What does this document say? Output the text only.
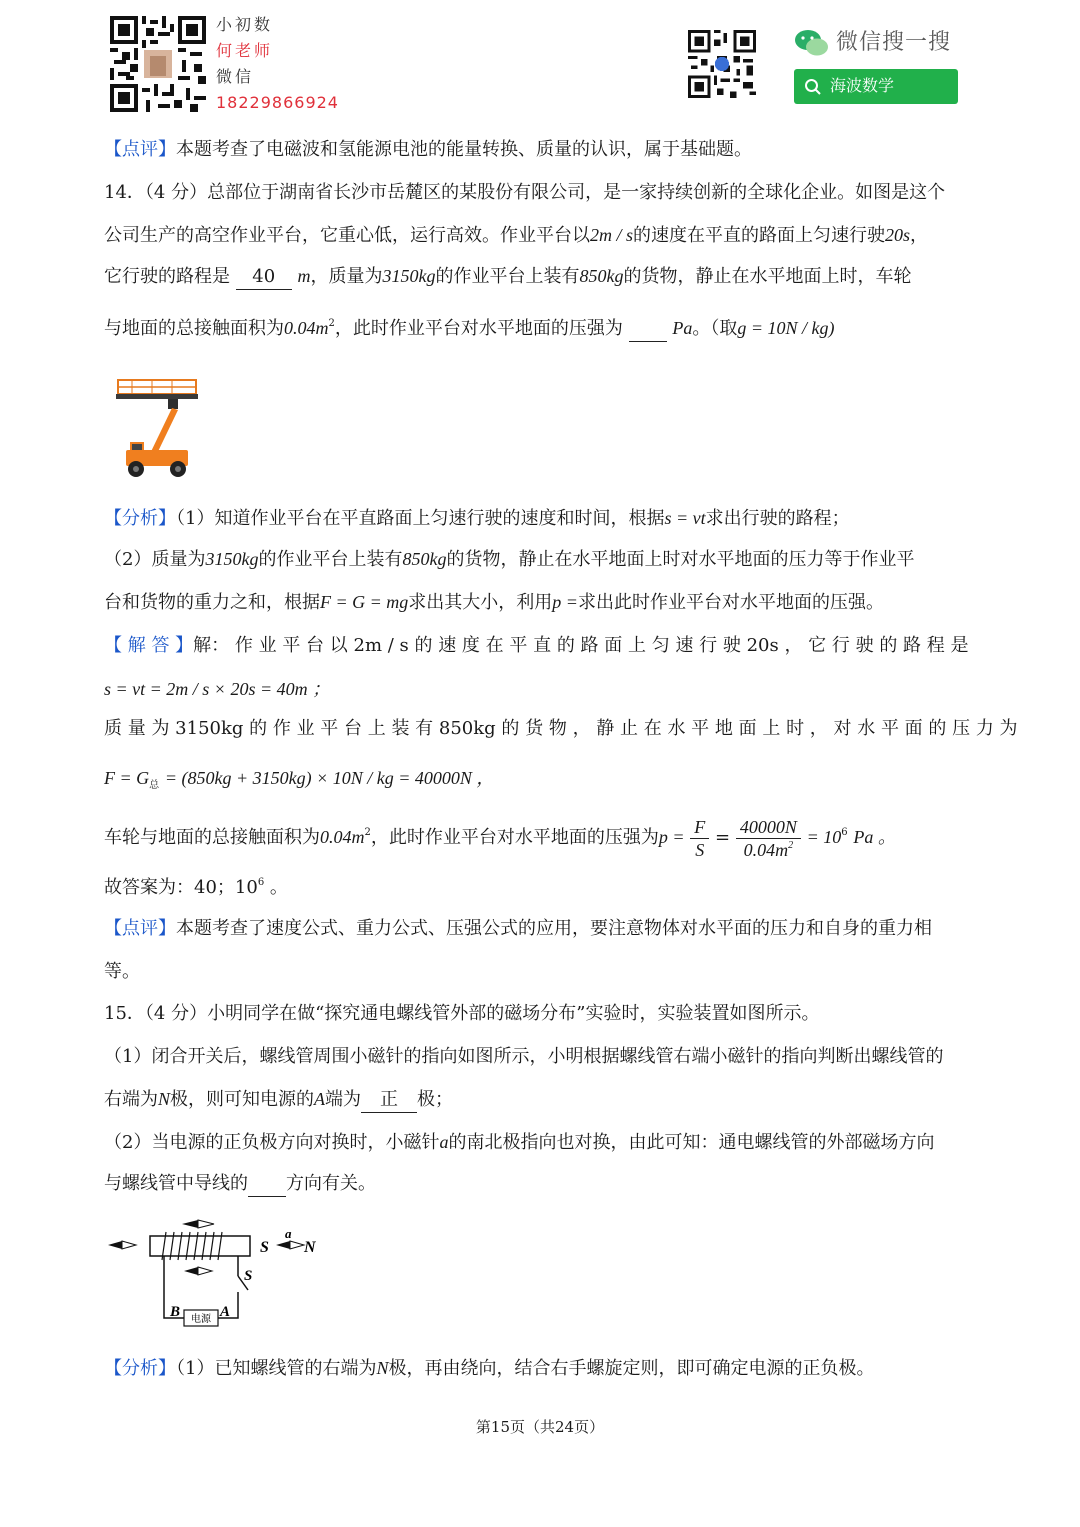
小初数
何老师
微信
18229866924
微信搜一搜
海波数学
【点评】本题考查了电磁波和氢能源电池的能量转换、质量的认识，属于基础题。
14．（4 分）总部位于湖南省长沙市岳麓区的某股份有限公司，是一家持续创新的全球化企业。如图是这个
公司生产的高空作业平台，它重心低，运行高效。作业平台以2m / s的速度在平直的路面上匀速行驶20s，
它行驶的路程是 40 m，质量为3150kg的作业平台上装有850kg的货物，静止在水平地面上时，车轮
与地面的总接触面积为$0.04m^2$，此时作业平台对水平地面的压强为	Pa。（取g = 10N / kg)
【分析】（1）知道作业平台在平直路面上匀速行驶的速度和时间，根据s = vt求出行驶的路程；
（2）质量为3150kg的作业平台上装有850kg的货物，静止在水平地面上时对水平地面的压力等于作业平
台和货物的重力之和，根据F = G = mg求出其大小，利用p =求出此时作业平台对水平地面的压强。
【 解 答 】解： 作 业 平 台 以 2m / s 的 速 度 在 平 直 的 路 面 上 匀 速 行 驶 20s ， 它 行 驶 的 路 程 是
s = vt = 2m / s × 20s = 40m ；
质 量 为 3150kg 的 作 业 平 台 上 装 有 850kg 的 货 物 ， 静 止 在 水 平 地 面 上 时 ， 对 水 平 面 的 压 力 为
$F = G_总 = (850kg + 3150kg) \times 10N$ / kg = 40000N ，
车轮与地面的总接触面积为$0.04m^2$，此时作业平台对水平地面的压强为$p = \frac{F}{S} = \frac{40000N}{0.04m^2} = 10^6$ Pa 。
故答案为：40；$10^6$ 。
【点评】本题考查了速度公式、重力公式、压强公式的应用，要注意物体对水平面的压力和自身的重力相
等。
15．（4 分）小明同学在做“探究通电螺线管外部的磁场分布”实验时，实验装置如图所示。
（1）闭合开关后，螺线管周围小磁针的指向如图所示，小明根据螺线管右端小磁针的指向判断出螺线管的
右端为N极，则可知电源的A端为 正 极；
（2）当电源的正负极方向对换时，小磁针a的南北极指向也对换，由此可知：通电螺线管的外部磁场方向
与螺线管中导线的 方向有关。
电源
S
a
N
S
B	A
【分析】（1）已知螺线管的右端为N极，再由绕向，结合右手螺旋定则，即可确定电源的正负极。
第15页（共24页）
